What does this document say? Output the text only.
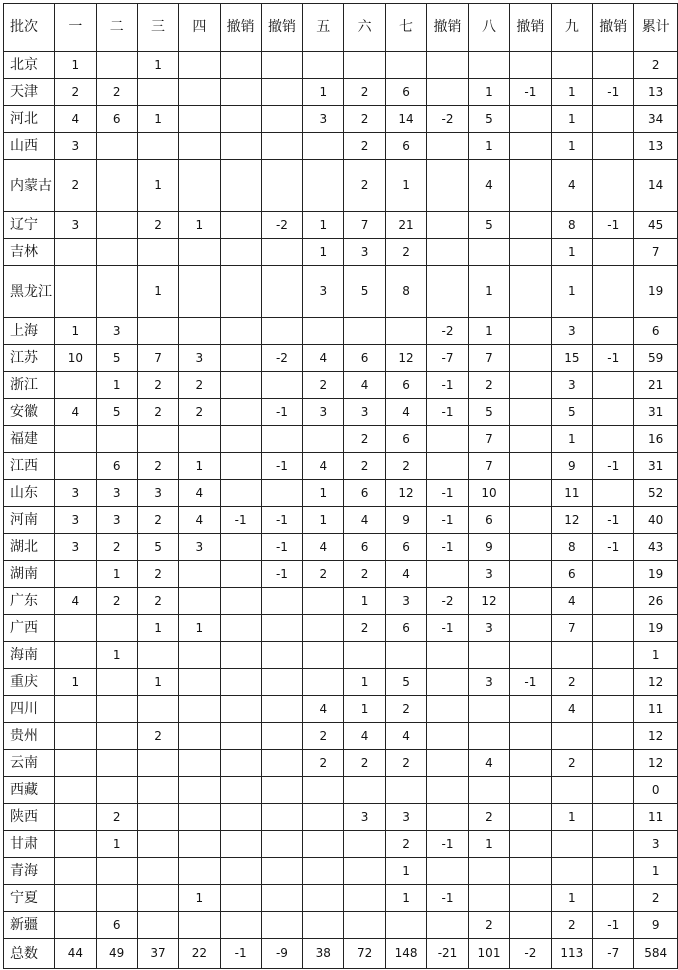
批次	一	二	三	四	撤销	撤销	五	六	七	撤销	八	撤销	九	撤销	累计
北京	1		1												2
天津	2	2					1	2	6		1	-1	1	-1	13
河北	4	6	1				3	2	14	-2	5		1		34
山西	3							2	6		1		1		13
内蒙古	2		1					2	1		4		4		14
辽宁	3		2	1		-2	1	7	21		5		8	-1	45
吉林							1	3	2				1		7
黑龙江			1				3	5	8		1		1		19
上海	1	3								-2	1		3		6
江苏	10	5	7	3		-2	4	6	12	-7	7		15	-1	59
浙江		1	2	2			2	4	6	-1	2		3		21
安徽	4	5	2	2		-1	3	3	4	-1	5		5		31
福建								2	6		7		1		16
江西		6	2	1		-1	4	2	2		7		9	-1	31
山东	3	3	3	4			1	6	12	-1	10		11		52
河南	3	3	2	4	-1	-1	1	4	9	-1	6		12	-1	40
湖北	3	2	5	3		-1	4	6	6	-1	9		8	-1	43
湖南		1	2			-1	2	2	4		3		6		19
广东	4	2	2					1	3	-2	12		4		26
广西			1	1				2	6	-1	3		7		19
海南		1													1
重庆	1		1					1	5		3	-1	2		12
四川							4	1	2				4		11
贵州			2				2	4	4						12
云南							2	2	2		4		2		12
西藏															0
陕西		2						3	3		2		1		11
甘肃		1							2	-1	1				3
青海									1						1
宁夏				1					1	-1			1		2
新疆		6									2		2	-1	9
总数	44	49	37	22	-1	-9	38	72	148	-21	101	-2	113	-7	584
